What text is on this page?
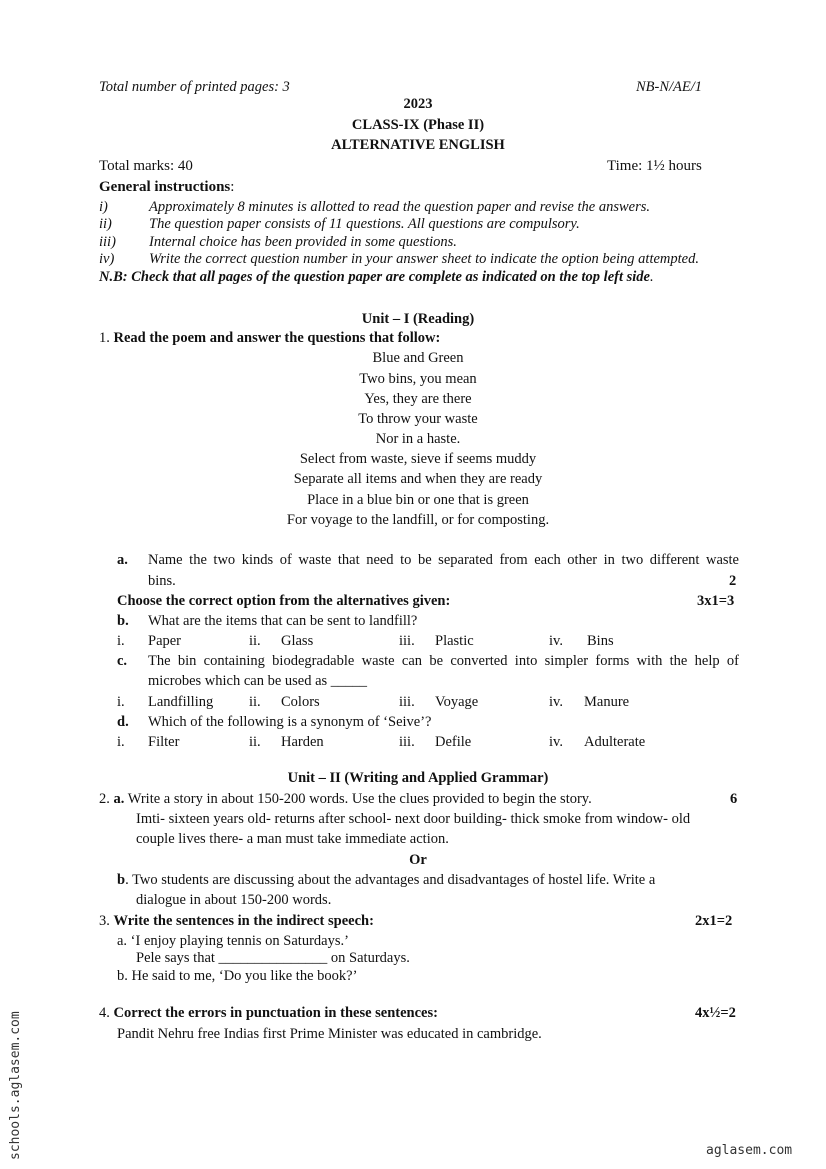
Total number of printed pages: 3	NB-N/AE/1
2023
CLASS-IX (Phase II)
ALTERNATIVE ENGLISH
Total marks: 40	Time: 1½ hours
General instructions:
i)	Approximately 8 minutes is allotted to read the question paper and revise the answers.
ii)	The question paper consists of 11 questions. All questions are compulsory.
iii) Internal choice has been provided in some questions.
iv) Write the correct question number in your answer sheet to indicate the option being attempted.
N.B: Check that all pages of the question paper are complete as indicated on the top left side.
Unit – I (Reading)
1. Read the poem and answer the questions that follow:
Blue and Green
Two bins, you mean
Yes, they are there
To throw your waste
Nor in a haste.
Select from waste, sieve if seems muddy
Separate all items and when they are ready
Place in a blue bin or one that is green
For voyage to the landfill, or for composting.
a. Name the two kinds of waste that need to be separated from each other in two different waste
bins.	2
Choose the correct option from the alternatives given:	3x1=3
b. What are the items that can be sent to landfill?
i. Paper	ii. Glass	iii. Plastic	iv. Bins
c. The bin containing biodegradable waste can be converted into simpler forms with the help of
microbes which can be used as _____
i. Landfilling ii. Colors	iii. Voyage	iv. Manure
d. Which of the following is a synonym of ‘Seive’?
i. Filter	ii. Harden	iii. Defile	iv. Adulterate
Unit – II (Writing and Applied Grammar)
2. a. Write a story in about 150-200 words. Use the clues provided to begin the story.	6
Imti- sixteen years old- returns after school- next door building- thick smoke from window- old
couple lives there- a man must take immediate action.
Or
b. Two students are discussing about the advantages and disadvantages of hostel life. Write a
dialogue in about 150-200 words.
3. Write the sentences in the indirect speech:	2x1=2
a. ‘I enjoy playing tennis on Saturdays.’
Pele says that _______________ on Saturdays.
b. He said to me, ‘Do you like the book?’
4. Correct the errors in punctuation in these sentences:	4x½=2
Pandit Nehru free Indias first Prime Minister was educated in cambridge.
schools.aglasem.com	aglasem.com
